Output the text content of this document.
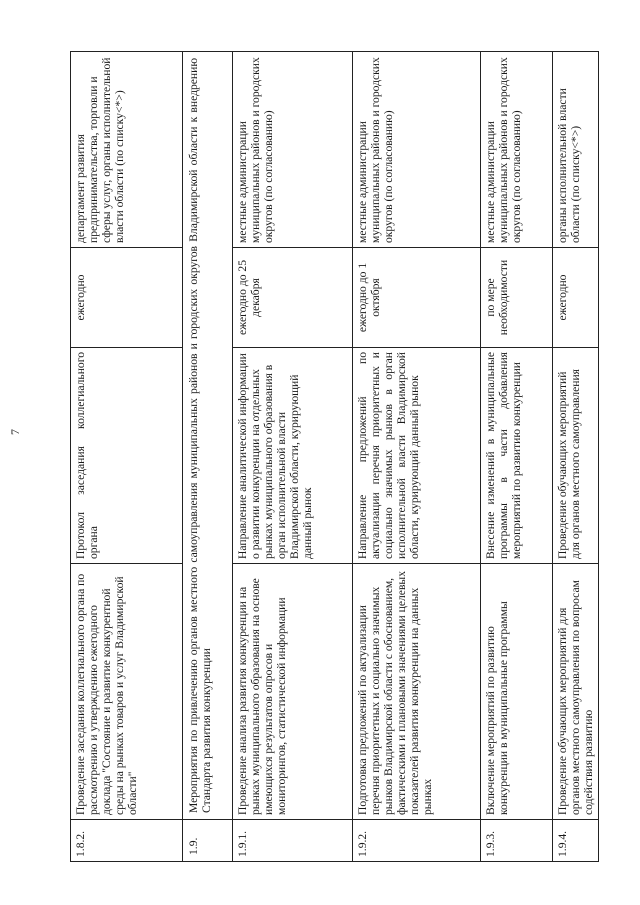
7
1.8.2.	Проведение заседания коллегиального органа по рассмотрению и утверждению ежегодного доклада "Состояние и развитие конкурентной среды на рынках товаров и услуг Владимирской области"	Протокол заседания коллегиального органа	ежегодно	департамент развития предпринимательства, торговли и сферы услуг, органы исполнительной власти области (по списку<*>)
1.9.	Мероприятия по привлечению органов местного самоуправления муниципальных районов и городских округов Владимирской области к внедрению Стандарта развития конкуренции			
1.9.1.	Проведение анализа развития конкуренции на рынках муниципального образования на основе имеющихся результатов опросов и мониторингов, статистической информации	Направление аналитической информации о развитии конкуренции на отдельных рынках муниципального образования в орган исполнительной власти Владимирской области, курирующий данный рынок	ежегодно до 25 декабря	местные администрации муниципальных районов и городских округов (по согласованию)
1.9.2.	Подготовка предложений по актуализации перечня приоритетных и социально значимых рынков Владимирской области с обоснованием, фактическими и плановыми значениями целевых показателей развития конкуренции на данных рынках	Направление предложений по актуализации перечня приоритетных и социально значимых рынков в орган исполнительной власти Владимирской области, курирующий данный рынок	ежегодно до 1 октября	местные администрации муниципальных районов и городских округов (по согласованию)
1.9.3.	Включение мероприятий по развитию конкуренции в муниципальные программы	Внесение изменений в муниципальные программы в части добавления мероприятий по развитию конкуренции	по мере необходимости	местные администрации муниципальных районов и городских округов (по согласованию)
1.9.4.	Проведение обучающих мероприятий для органов местного самоуправления по вопросам содействия развитию	Проведение обучающих мероприятий для органов местного самоуправления	ежегодно	органы исполнительной власти области (по списку<*>)
